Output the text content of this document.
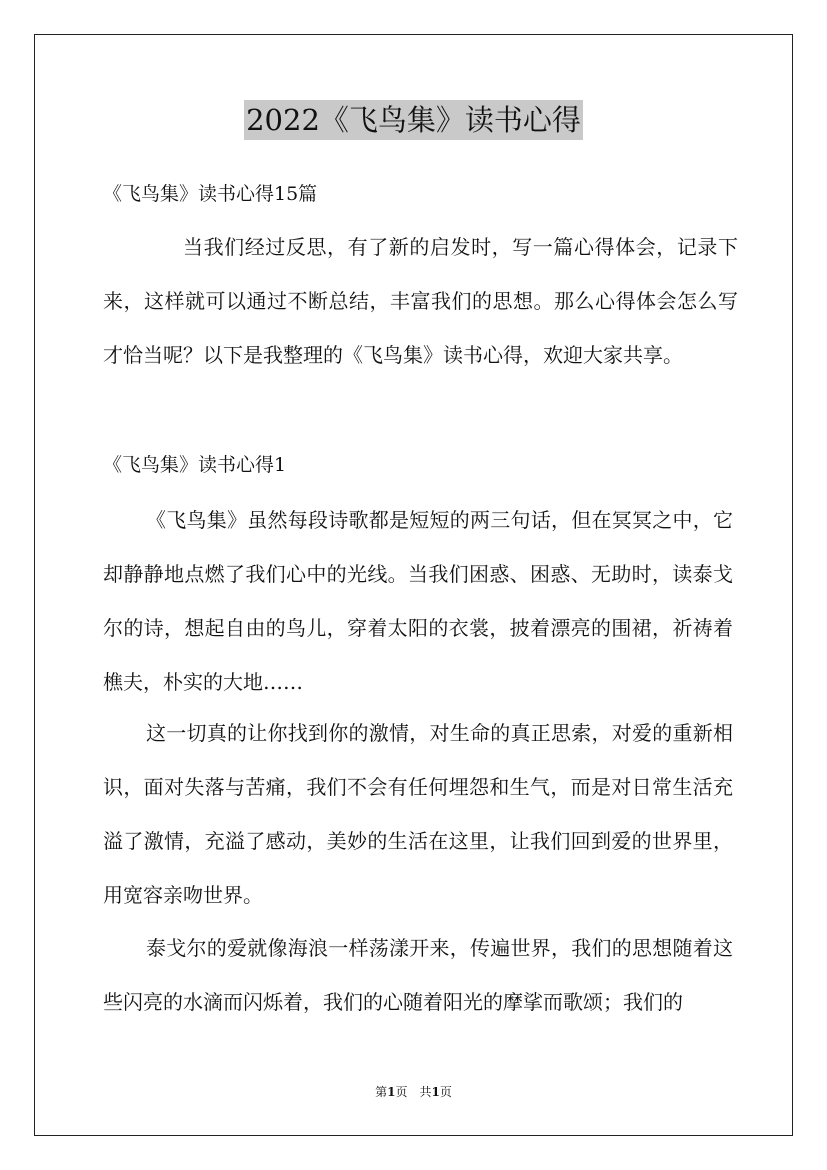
2022《飞鸟集》读书心得
《飞鸟集》读书心得15篇
当我们经过反思，有了新的启发时，写一篇心得体会，记录下来，这样就可以通过不断总结，丰富我们的思想。那么心得体会怎么写才恰当呢？以下是我整理的《飞鸟集》读书心得，欢迎大家共享。
《飞鸟集》读书心得1
《飞鸟集》虽然每段诗歌都是短短的两三句话，但在冥冥之中，它却静静地点燃了我们心中的光线。当我们困惑、困惑、无助时，读泰戈尔的诗，想起自由的鸟儿，穿着太阳的衣裳，披着漂亮的围裙，祈祷着樵夫，朴实的大地……
这一切真的让你找到你的激情，对生命的真正思索，对爱的重新相识，面对失落与苦痛，我们不会有任何埋怨和生气，而是对日常生活充溢了激情，充溢了感动，美妙的生活在这里，让我们回到爱的世界里，用宽容亲吻世界。
泰戈尔的爱就像海浪一样荡漾开来，传遍世界，我们的思想随着这些闪亮的水滴而闪烁着，我们的心随着阳光的摩挲而歌颂；我们的
第1页　共1页
